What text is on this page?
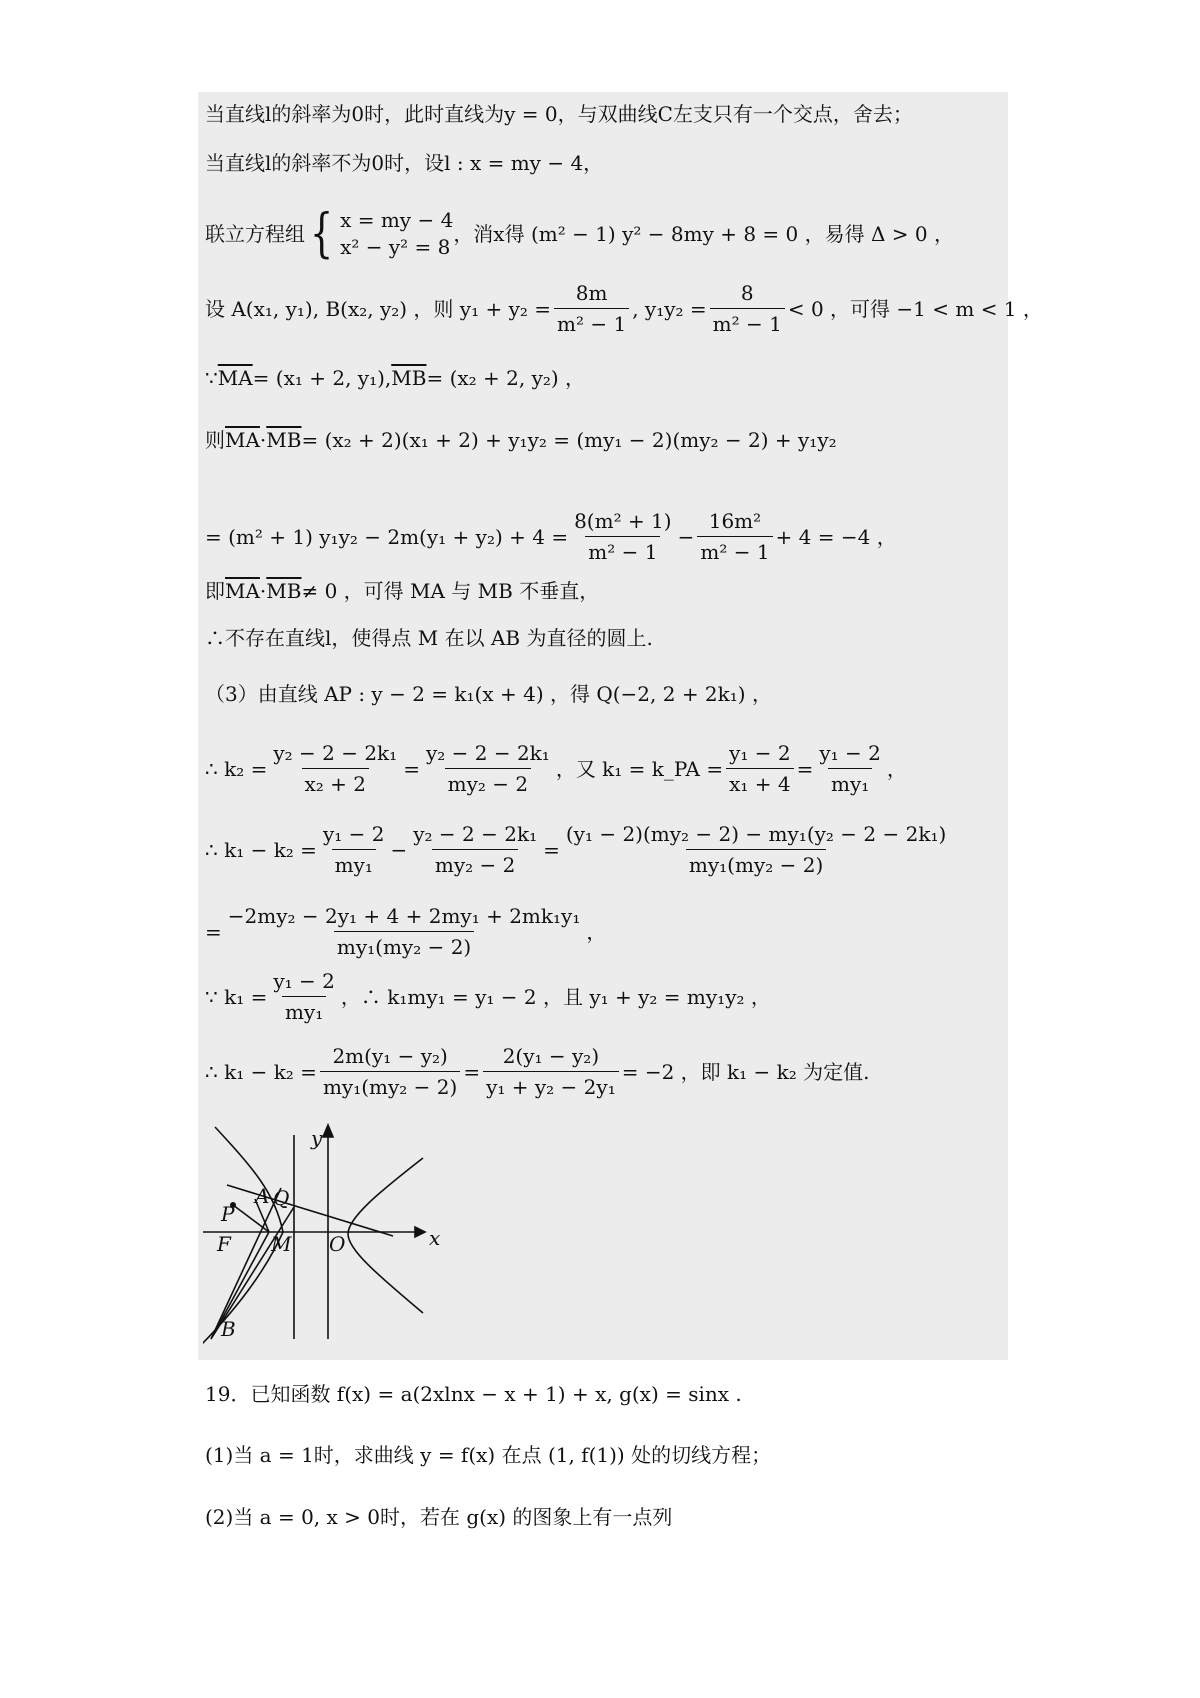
当直线l的斜率为0时，此时直线为y = 0，与双曲线C左支只有一个交点，舍去；
当直线l的斜率不为0时，设l : x = my − 4，
联立方程组 { x = my − 4
x² − y² = 8
，消x得 (m² − 1) y² − 8my + 8 = 0 ，易得 Δ > 0 ，
设 A(x₁, y₁), B(x₂, y₂) ，则 $y_1 + y_2 = \frac{8m}{\text{m² − 1}}$ , $y_1y_2 = \frac{8}{\text{m² − 1}} < 0$ ，可得 −1 < m < 1 ，
∵ $\overline{MA} = (x_1 + 2$, y₁), $\overline{MB} = (x_2 + 2$, y₂) ，
则 $\overline{MA} \cdot \overline{MB} = (x_2 + 2)(x_1 + 2) + y_1y_2 = (my_1 - 2)(my_2 - 2) + y_1y_2$
= (m² + 1) $y_1y_2 - 2m(y_1 + y_2) + 4 = \frac{\text{8(m² + 1)}}{\text{m² − 1}} - \frac{\text{16m²}}{\text{m² − 1}} + 4 = -4$ ，
即 $\overline{MA} \cdot \overline{MB} \ne 0$ ，可得 MA 与 MB 不垂直，
∴不存在直线l，使得点 M 在以 AB 为直径的圆上.
（3）由直线 AP : y − 2 = k₁(x + 4) ，得 Q(−2, 2 + 2k₁) ，
∴ $k_2 = \frac{\text{y₂ − 2 − 2k₁}}{\text{x₂ + 2}} = \frac{\text{y₂ − 2 − 2k₁}}{\text{my₂ − 2}}$ ，又 k₁ = k_PA = $\frac{\text{y₁ − 2}}{\text{x₁ + 4}} = \frac{\text{y₁ − 2}}{\text{my₁}}$ ，
∴ $k_1 - k_2 = \frac{\text{y₁ − 2}}{\text{my₁}} - \frac{\text{y₂ − 2 − 2k₁}}{\text{my₂ − 2}} = \frac{\text{(y₁ − 2)(my₂ − 2) − my₁(y₂ − 2 − 2k₁)}}{\text{my₁(my₂ − 2)}}$
= $\frac{\text{−2my₂ − 2y₁ + 4 + 2my₁ + 2mk₁y₁}}{\text{my₁(my₂ − 2)}}$ ，
∵ $k_1 = \frac{\text{y₁ − 2}}{\text{my₁}}$ ，∴ k₁my₁ = y₁ − 2 ，且 y₁ + y₂ = my₁y₂ ，
∴ $k_1 - k_2 = \frac{\text{2m(y₁ − y₂)}}{\text{my₁(my₂ − 2)}} = \frac{\text{2(y₁ − y₂)}}{\text{y₁ + y₂ − 2y₁}} = -2$ ，即 k₁ − k₂ 为定值.
y
x
A Q
P
F M O
B
19．已知函数 f(x) = a(2xlnx − x + 1) + x, g(x) = sinx .
(1)当 a = 1时，求曲线 y = f(x) 在点 (1, f(1)) 处的切线方程；
(2)当 a = 0, x > 0时，若在 g(x) 的图象上有一点列
